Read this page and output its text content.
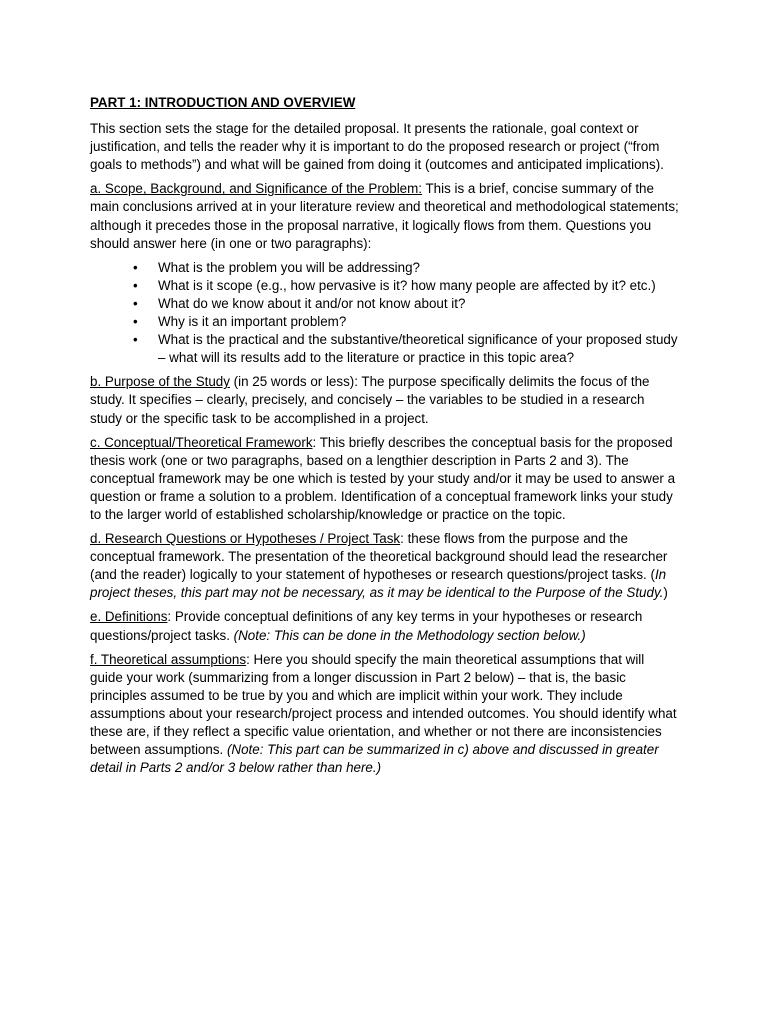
PART 1: INTRODUCTION AND OVERVIEW

This section sets the stage for the detailed proposal. It presents the rationale, goal context or justification, and tells the reader why it is important to do the proposed research or project (“from goals to methods”) and what will be gained from doing it (outcomes and anticipated implications).

a. Scope, Background, and Significance of the Problem: This is a brief, concise summary of the main conclusions arrived at in your literature review and theoretical and methodological statements; although it precedes those in the proposal narrative, it logically flows from them. Questions you should answer here (in one or two paragraphs):

• What is the problem you will be addressing?
• What is it scope (e.g., how pervasive is it? how many people are affected by it? etc.)
• What do we know about it and/or not know about it?
• Why is it an important problem?
• What is the practical and the substantive/theoretical significance of your proposed study – what will its results add to the literature or practice in this topic area?

b. Purpose of the Study (in 25 words or less): The purpose specifically delimits the focus of the study. It specifies – clearly, precisely, and concisely – the variables to be studied in a research study or the specific task to be accomplished in a project.

c. Conceptual/Theoretical Framework: This briefly describes the conceptual basis for the proposed thesis work (one or two paragraphs, based on a lengthier description in Parts 2 and 3). The conceptual framework may be one which is tested by your study and/or it may be used to answer a question or frame a solution to a problem. Identification of a conceptual framework links your study to the larger world of established scholarship/knowledge or practice on the topic.

d. Research Questions or Hypotheses / Project Task: these flows from the purpose and the conceptual framework. The presentation of the theoretical background should lead the researcher (and the reader) logically to your statement of hypotheses or research questions/project tasks. (In project theses, this part may not be necessary, as it may be identical to the Purpose of the Study.)

e. Definitions: Provide conceptual definitions of any key terms in your hypotheses or research questions/project tasks. (Note: This can be done in the Methodology section below.)

f. Theoretical assumptions: Here you should specify the main theoretical assumptions that will guide your work (summarizing from a longer discussion in Part 2 below) – that is, the basic principles assumed to be true by you and which are implicit within your work. They include assumptions about your research/project process and intended outcomes. You should identify what these are, if they reflect a specific value orientation, and whether or not there are inconsistencies between assumptions. (Note: This part can be summarized in c) above and discussed in greater detail in Parts 2 and/or 3 below rather than here.)
